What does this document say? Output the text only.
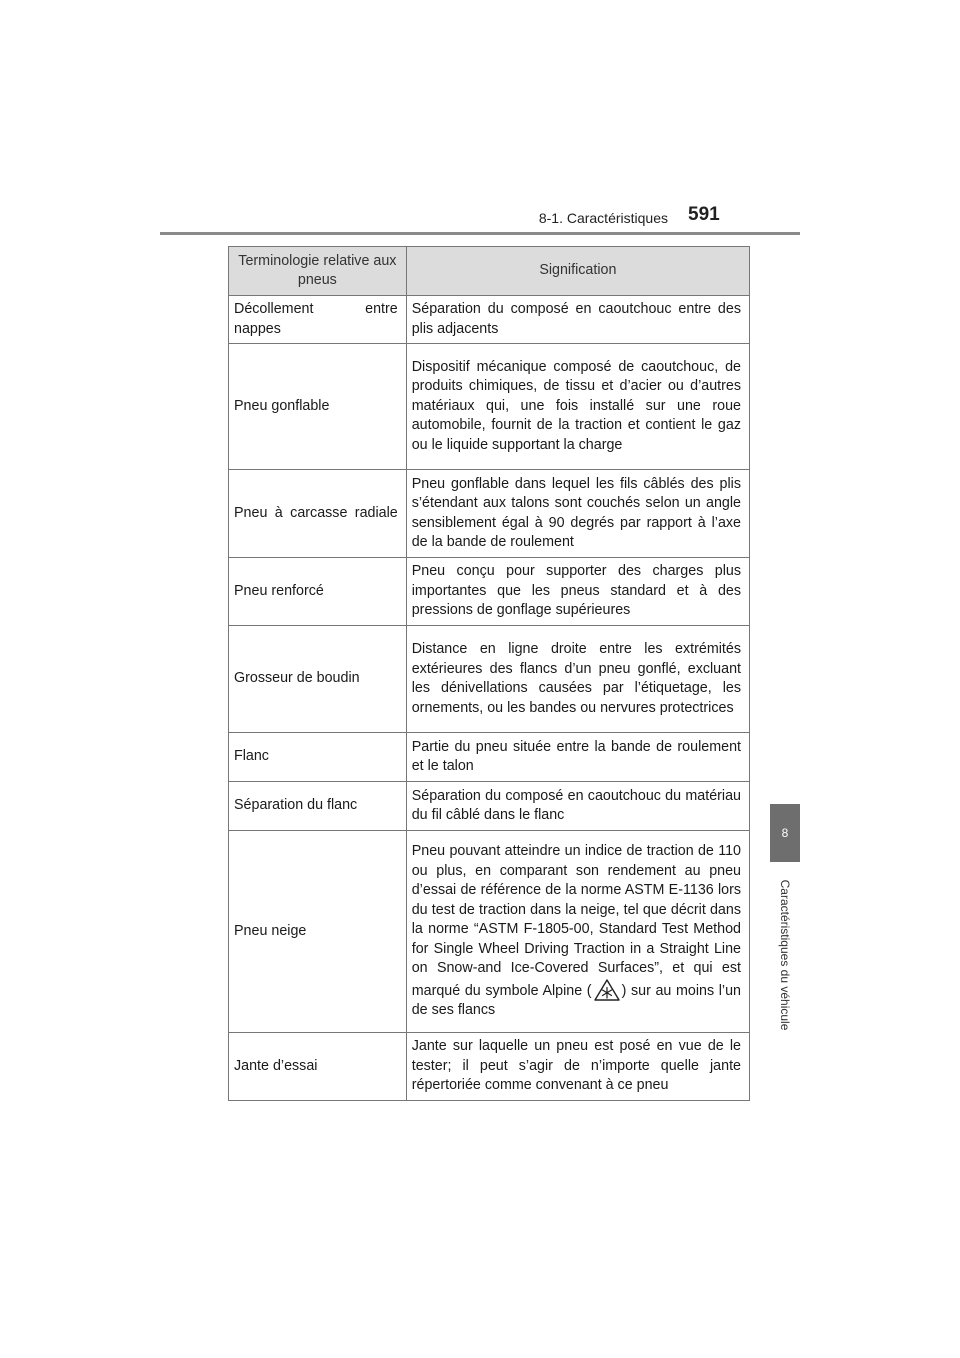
8-1. Caractéristiques 591
8
Caractéristiques du véhicule
Terminologie relative aux pneus	Signification
Décollement entre nappes	Séparation du composé en caoutchouc entre des plis adjacents
Pneu gonflable	Dispositif mécanique composé de caoutchouc, de produits chimiques, de tissu et d’acier ou d’autres matériaux qui, une fois installé sur une roue automobile, fournit de la traction et contient le gaz ou le liquide supportant la charge
Pneu à carcasse radiale	Pneu gonflable dans lequel les fils câblés des plis s’étendant aux talons sont couchés selon un angle sensiblement égal à 90 degrés par rapport à l’axe de la bande de roulement
Pneu renforcé	Pneu conçu pour supporter des charges plus importantes que les pneus standard et à des pressions de gonflage supérieures
Grosseur de boudin	Distance en ligne droite entre les extrémités extérieures des flancs d’un pneu gonflé, excluant les dénivellations causées par l’étiquetage, les ornements, ou les bandes ou nervures protectrices
Flanc	Partie du pneu située entre la bande de roulement et le talon
Séparation du flanc	Séparation du composé en caoutchouc du matériau du fil câblé dans le flanc
Pneu neige	Pneu pouvant atteindre un indice de traction de 110 ou plus, en comparant son rendement au pneu d’essai de référence de la norme ASTM E-1136 lors du test de traction dans la neige, tel que décrit dans la norme “ASTM F-1805-00, Standard Test Method for Single Wheel Driving Traction in a Straight Line on Snow-and Ice-Covered Surfaces”, et qui est marqué du symbole Alpine ( ) sur au moins l’un de ses flancs
Jante d’essai	Jante sur laquelle un pneu est posé en vue de le tester; il peut s’agir de n’importe quelle jante répertoriée comme convenant à ce pneu
